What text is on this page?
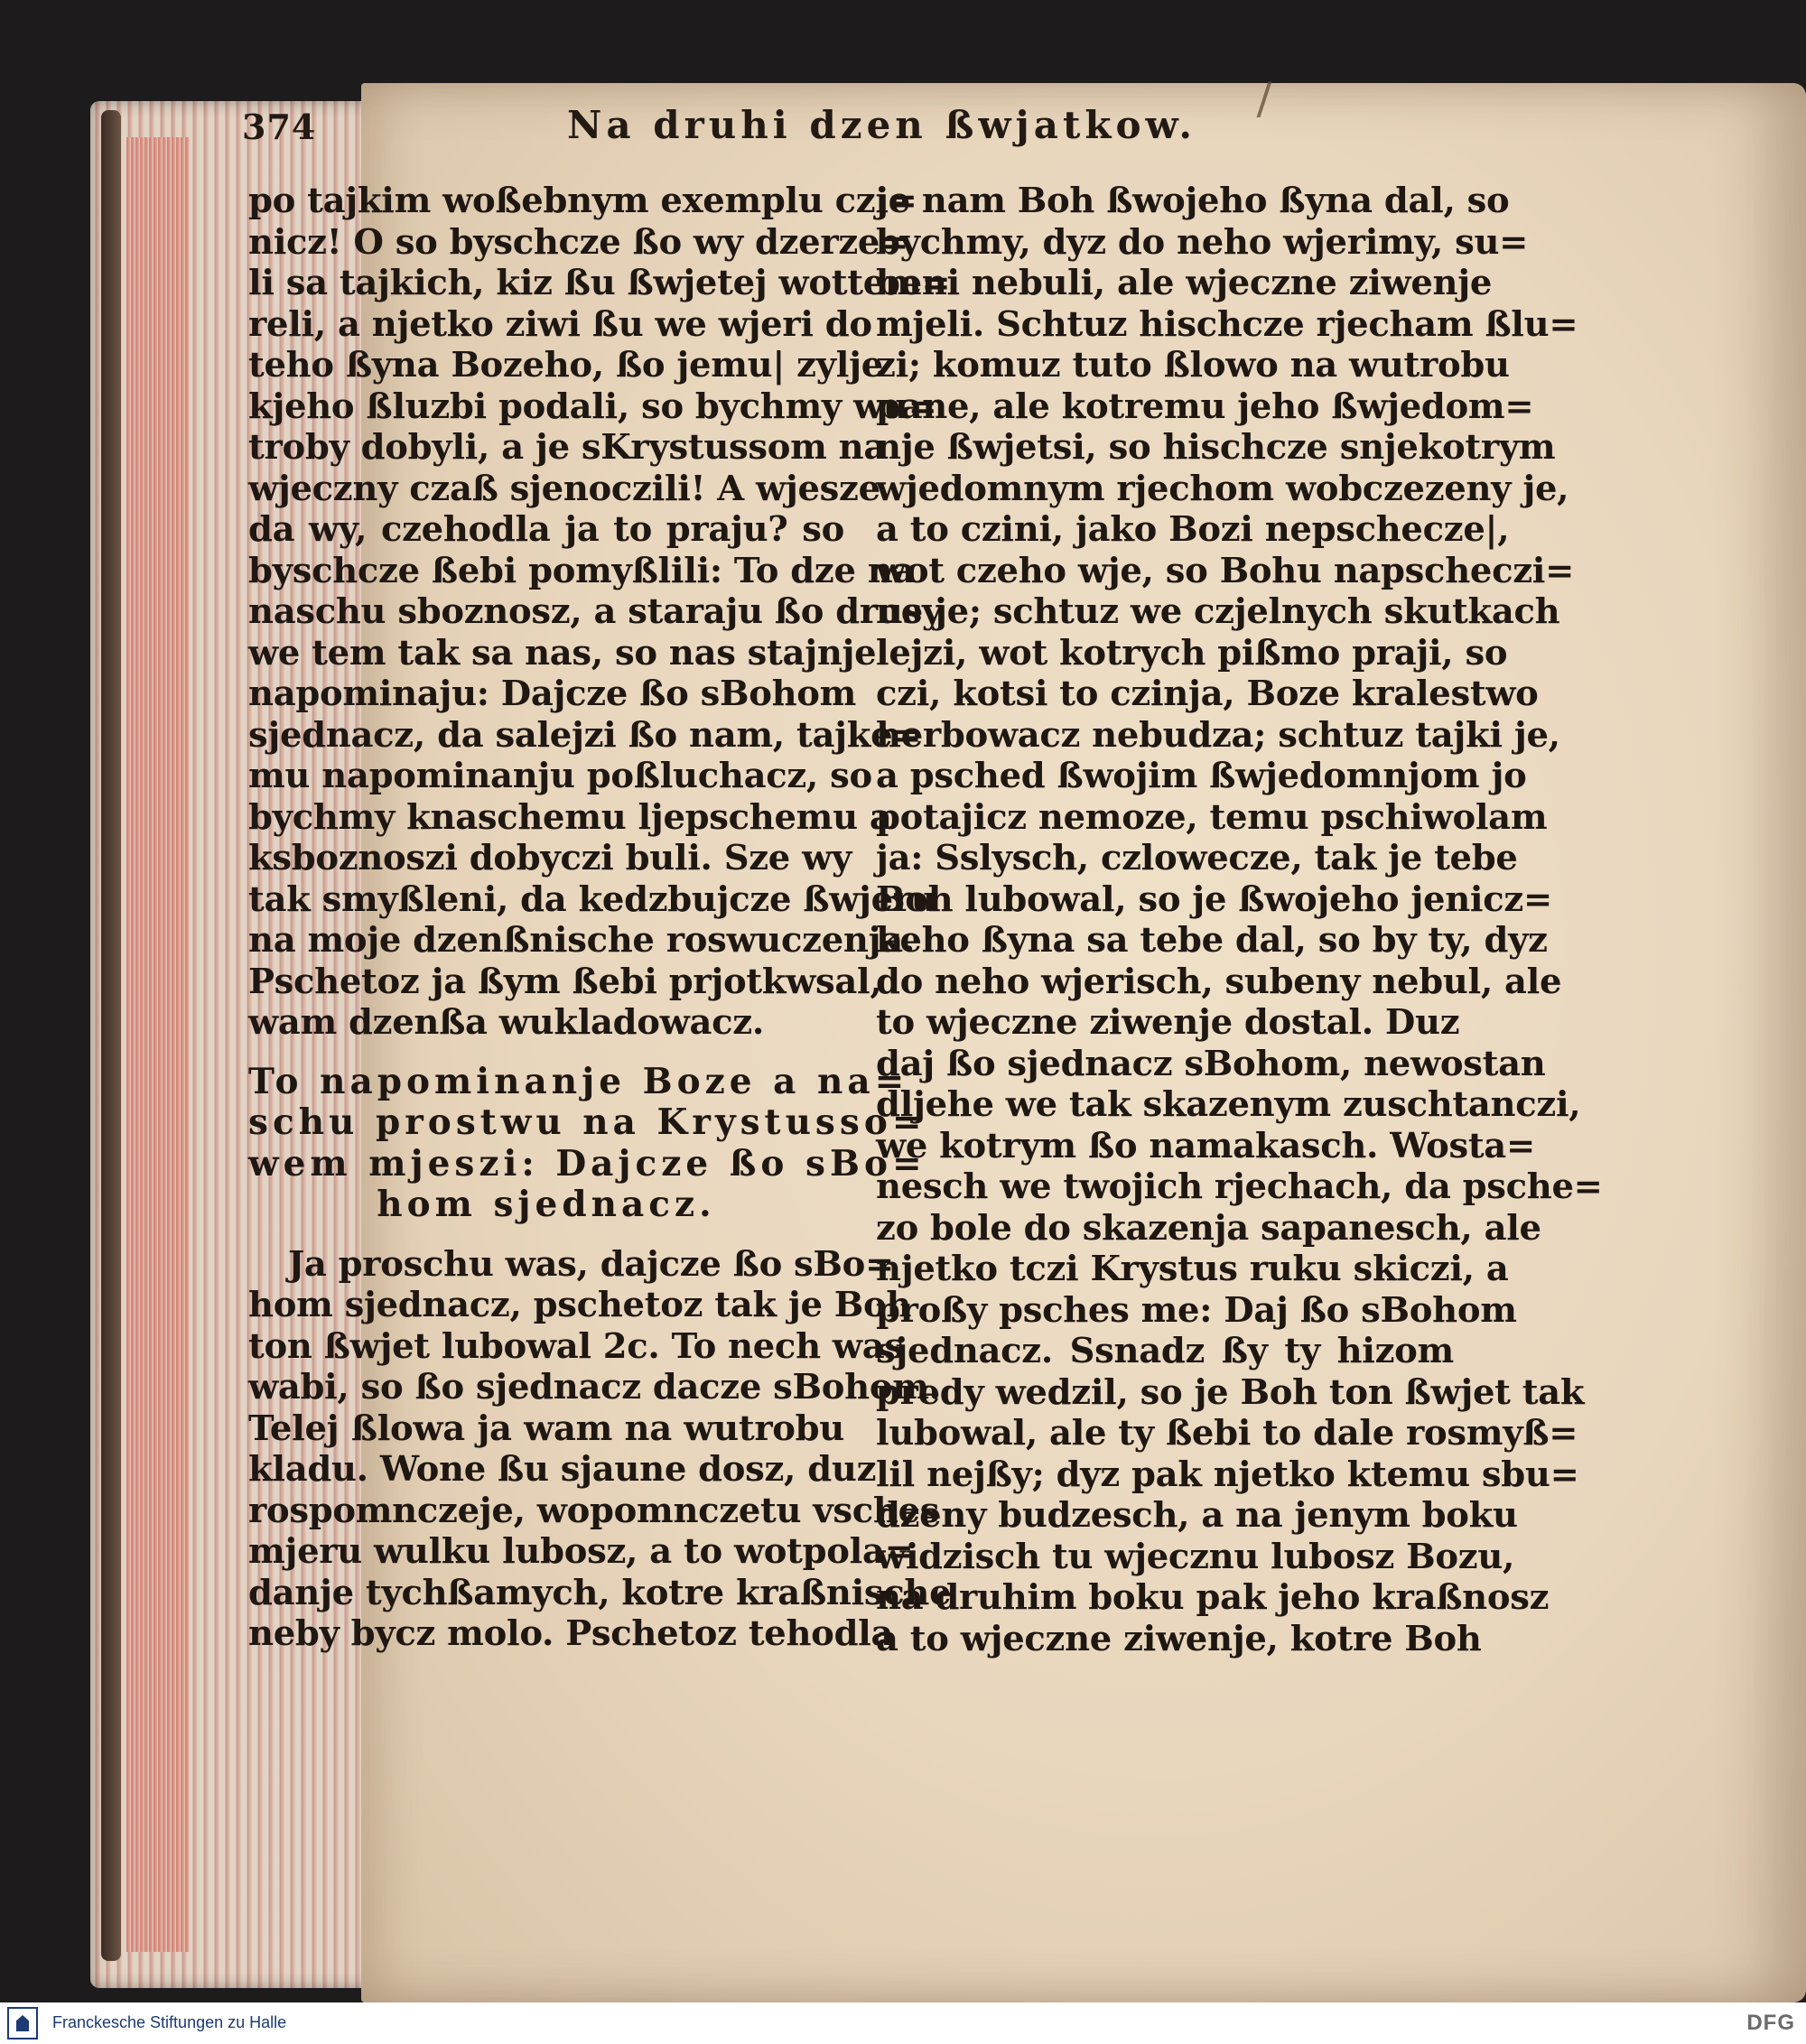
374	Na druhi dzen ßwjatkow.
po tajkim woßebnym exemplu czi=
nicz! O so byschcze ßo wy dzerze=
li sa tajkich, kiz ßu ßwjetej wottem=
reli, a njetko ziwi ßu we wjeri do
teho ßyna Bozeho, ßo jemu| zylje
kjeho ßluzbi podali, so bychmy wu=
troby dobyli, a je sKrystussom na
wjeczny czaß sjenoczili! A wjesze
da wy, czehodla ja to praju? so
byschcze ßebi pomyßlili: To dze na
naschu sboznosz, a staraju ßo drusy
we tem tak sa nas, so nas stajnje
napominaju: Dajcze ßo sBohom
sjednacz, da salejzi ßo nam, tajke=
mu napominanju poßluchacz, so
bychmy knaschemu ljepschemu a
ksboznoszi dobyczi buli. Sze wy
tak smyßleni, da kedzbujcze ßwjeru
na moje dzenßnische roswuczenja.
Pschetoz ja ßym ßebi prjotkwsal,
wam dzenßa wukladowacz.
To napominanje Boze a na=
schu prostwu na Krystusso=
wem mjeszi: Dajcze ßo sBo=
hom sjednacz.
Ja proschu was, dajcze ßo sBo=
hom sjednacz, pschetoz tak je Boh
ton ßwjet lubowal 2c. To nech was
wabi, so ßo sjednacz dacze sBohom.
Telej ßlowa ja wam na wutrobu
kladu. Wone ßu sjaune dosz, duz
rospomnczeje, wopomnczetu vsches
mjeru wulku lubosz, a to wotpola=
danje tychßamych, kotre kraßnische
neby bycz molo. Pschetoz tehodla
je nam Boh ßwojeho ßyna dal, so
bychmy, dyz do neho wjerimy, su=
beni nebuli, ale wjeczne ziwenje
mjeli. Schtuz hischcze rjecham ßlu=
zi; komuz tuto ßlowo na wutrobu
pane, ale kotremu jeho ßwjedom=
nje ßwjetsi, so hischcze snjekotrym
wjedomnym rjechom wobczezeny je,
a to czini, jako Bozi nepschecze|,
wot czeho wje, so Bohu napscheczi=
ne je; schtuz we czjelnych skutkach
lejzi, wot kotrych pißmo praji, so
czi, kotsi to czinja, Boze kralestwo
herbowacz nebudza; schtuz tajki je,
a psched ßwojim ßwjedomnjom jo
potajicz nemoze, temu pschiwolam
ja: Sslysch, czlowecze, tak je tebe
Boh lubowal, so je ßwojeho jenicz=
keho ßyna sa tebe dal, so by ty, dyz
do neho wjerisch, subeny nebul, ale
to wjeczne ziwenje dostal. Duz
daj ßo sjednacz sBohom, newostan
dljehe we tak skazenym zuschtanczi,
we kotrym ßo namakasch. Wosta=
nesch we twojich rjechach, da psche=
zo bole do skazenja sapanesch, ale
njetko tczi Krystus ruku skiczi, a
proßy psches me: Daj ßo sBohom
sjednacz. Ssnadz ßy ty hizom
predy wedzil, so je Boh ton ßwjet tak
lubowal, ale ty ßebi to dale rosmyß=
lil nejßy; dyz pak njetko ktemu sbu=
dzeny budzesch, a na jenym boku
widzisch tu wjecznu lubosz Bozu,
na druhim boku pak jeho kraßnosz
a to wjeczne ziwenje, kotre Boh
Franckesche Stiftungen zu Halle	DFG
